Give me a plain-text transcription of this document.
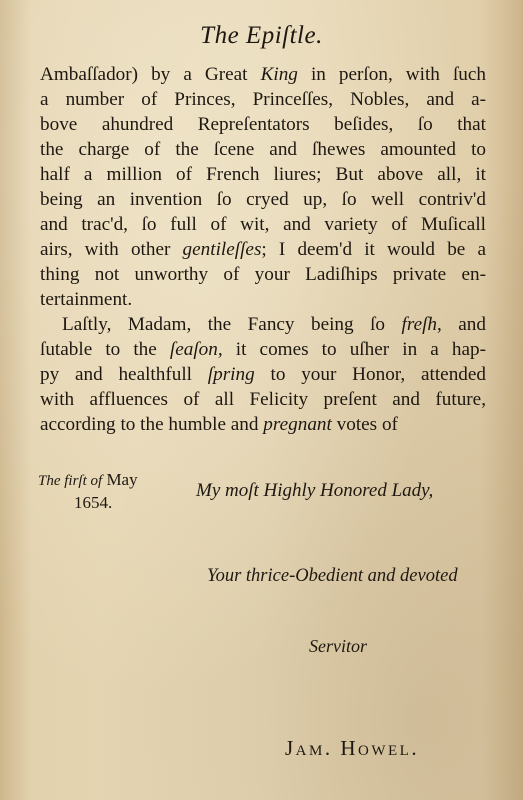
The Epiſtle.
Ambaſſador) by a Great King in perſon, with ſuch
a number of Princes, Princeſſes, Nobles, and a-
bove ahundred Repreſentators beſides, ſo that
the charge of the ſcene and ſhewes amounted to
half a million of French liures; But above all, it
being an invention ſo cryed up, ſo well contriv'd
and trac'd, ſo full of wit, and variety of Muſicall
airs, with other gentileſſes; I deem'd it would be a
thing not unworthy of your Ladiſhips private en-
tertainment.
Laſtly, Madam, the Fancy being ſo freſh, and
ſutable to the ſeaſon, it comes to uſher in a hap-
py and healthfull ſpring to your Honor, attended
with affluences of all Felicity preſent and future,
according to the humble and pregnant votes of
The firſt of May
1654.
My moſt Highly Honored Lady,
Your thrice-Obedient and devoted
Servitor
Jam. Howel.
